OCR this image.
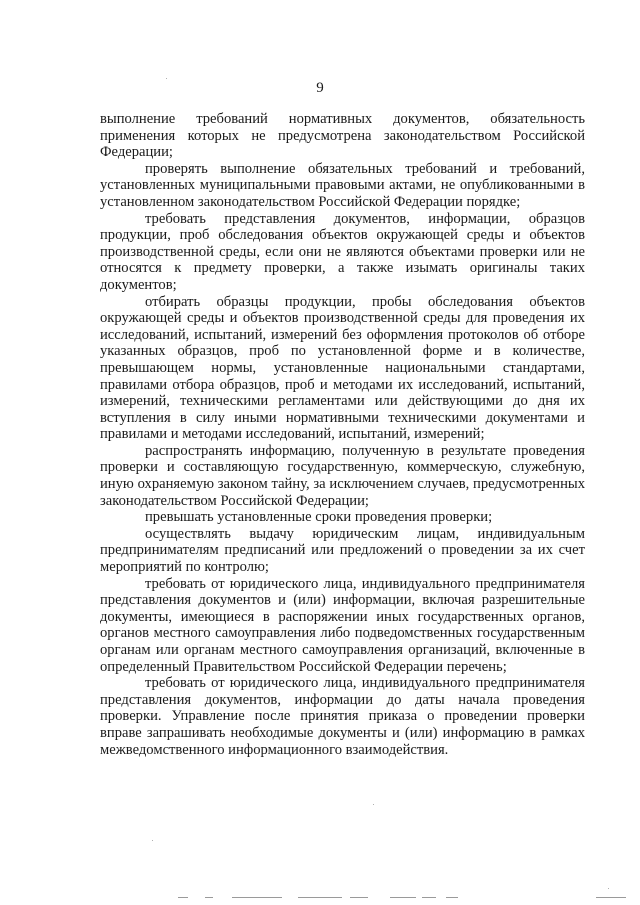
9

выполнение требований нормативных документов, обязательность применения которых не предусмотрена законодательством Российской Федерации;

проверять выполнение обязательных требований и требований, установленных муниципальными правовыми актами, не опубликованными в установленном законодательством Российской Федерации порядке;

требовать представления документов, информации, образцов продукции, проб обследования объектов окружающей среды и объектов производственной среды, если они не являются объектами проверки или не относятся к предмету проверки, а также изымать оригиналы таких документов;

отбирать образцы продукции, пробы обследования объектов окружающей среды и объектов производственной среды для проведения их исследований, испытаний, измерений без оформления протоколов об отборе указанных образцов, проб по установленной форме и в количестве, превышающем нормы, установленные национальными стандартами, правилами отбора образцов, проб и методами их исследований, испытаний, измерений, техническими регламентами или действующими до дня их вступления в силу иными нормативными техническими документами и правилами и методами исследований, испытаний, измерений;

распространять информацию, полученную в результате проведения проверки и составляющую государственную, коммерческую, служебную, иную охраняемую законом тайну, за исключением случаев, предусмотренных законодательством Российской Федерации;

превышать установленные сроки проведения проверки;

осуществлять выдачу юридическим лицам, индивидуальным предпринимателям предписаний или предложений о проведении за их счет мероприятий по контролю;

требовать от юридического лица, индивидуального предпринимателя представления документов и (или) информации, включая разрешительные документы, имеющиеся в распоряжении иных государственных органов, органов местного самоуправления либо подведомственных государственным органам или органам местного самоуправления организаций, включенные в определенный Правительством Российской Федерации перечень;

требовать от юридического лица, индивидуального предпринимателя представления документов, информации до даты начала проведения проверки. Управление после принятия приказа о проведении проверки вправе запрашивать необходимые документы и (или) информацию в рамках межведомственного информационного взаимодействия.
